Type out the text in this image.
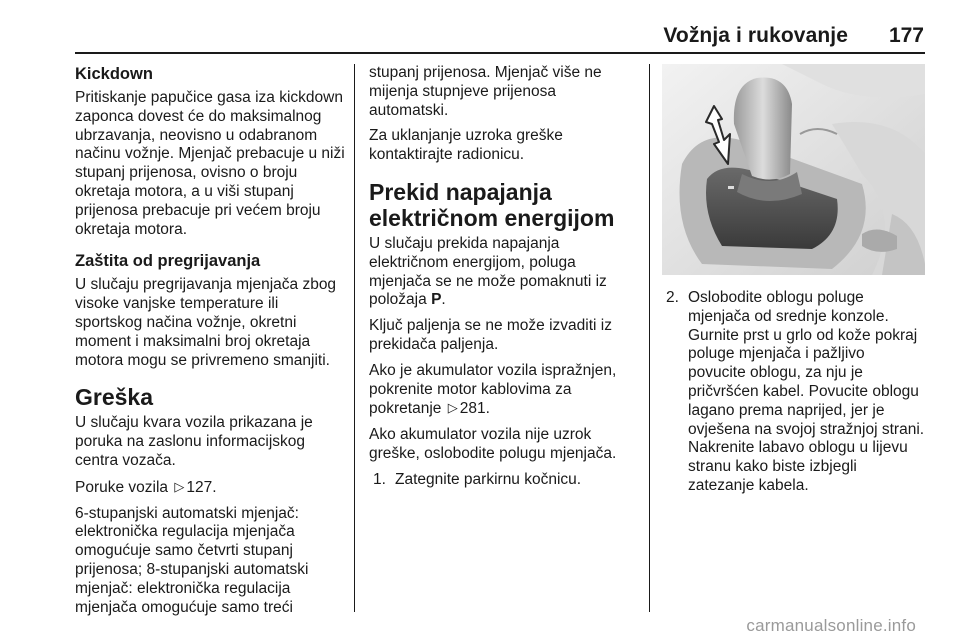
Vožnja i rukovanje 177
Kickdown

Pritiskanje papučice gasa iza kickdown zaponca dovest će do maksimalnog ubrzavanja, neovisno u odabranom načinu vožnje. Mjenjač prebacuje u niži stupanj prijenosa, ovisno o broju okretaja motora, a u viši stupanj prijenosa prebacuje pri većem broju okretaja motora.

Zaštita od pregrijavanja

U slučaju pregrijavanja mjenjača zbog visoke vanjske temperature ili sportskog načina vožnje, okretni moment i maksimalni broj okretaja motora mogu se privremeno smanjiti.

Greška

U slučaju kvara vozila prikazana je poruka na zaslonu informacijskog centra vozača.

Poruke vozila ▷ 127.

6-stupanjski automatski mjenjač: elektronička regulacija mjenjača omogućuje samo četvrti stupanj prijenosa; 8-stupanjski automatski mjenjač: elektronička regulacija mjenjača omogućuje samo treći

stupanj prijenosa. Mjenjač više ne mijenja stupnjeve prijenosa automatski.

Za uklanjanje uzroka greške kontaktirajte radionicu.

Prekid napajanja
električnom energijom

U slučaju prekida napajanja električnom energijom, poluga mjenjača se ne može pomaknuti iz položaja P.

Ključ paljenja se ne može izvaditi iz prekidača paljenja.

Ako je akumulator vozila ispražnjen, pokrenite motor kablovima za pokretanje ▷ 281.

Ako akumulator vozila nije uzrok greške, oslobodite polugu mjenjača.

1. Zategnite parkirnu kočnicu.
2. Oslobodite oblogu poluge mjenjača od srednje konzole. Gurnite prst u grlo od kože pokraj poluge mjenjača i pažljivo povucite oblogu, za nju je pričvršćen kabel. Povucite oblogu lagano prema naprijed, jer je ovješena na svojoj stražnjoj strani. Nakrenite labavo oblogu u lijevu stranu kako biste izbjegli zatezanje kabela.
carmanualsonline.info
